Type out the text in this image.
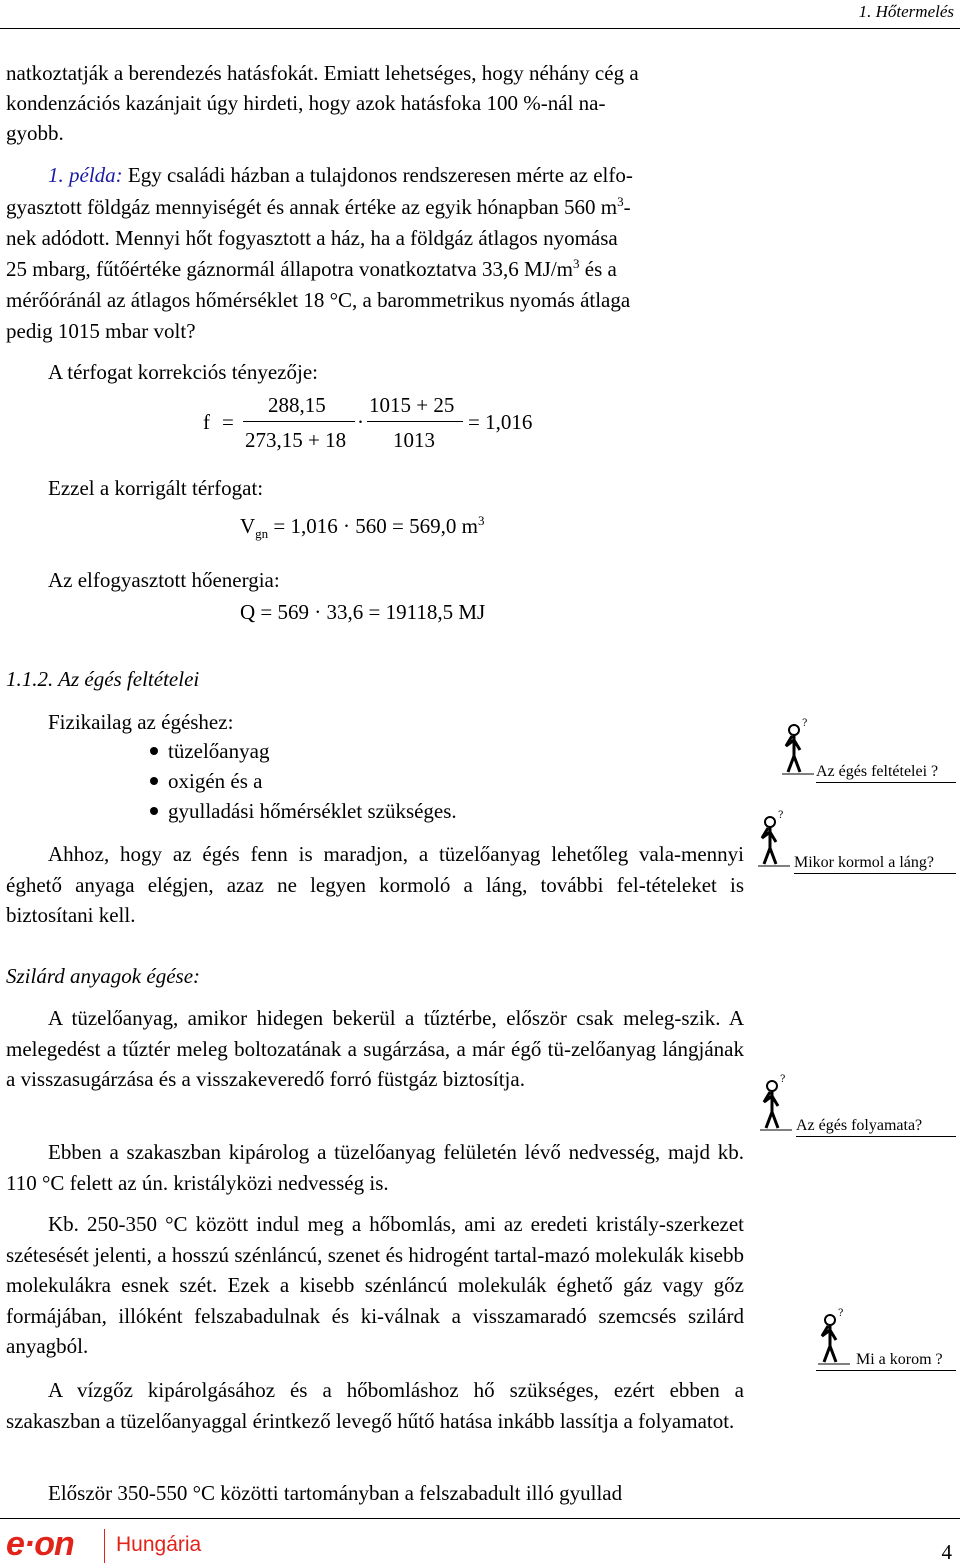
1. Hőtermelés
natkoztatják a berendezés hatásfokát. Emiatt lehetséges, hogy néhány cég a
kondenzációs kazánjait úgy hirdeti, hogy azok hatásfoka 100 %-nál na-
gyobb.
1. példa: Egy családi házban a tulajdonos rendszeresen mérte az elfo-
gyasztott földgáz mennyiségét és annak értéke az egyik hónapban 560 $m^3-$
nek adódott. Mennyi hőt fogyasztott a ház, ha a földgáz átlagos nyomása
25 mbarg, fűtőértéke gáznormál állapotra vonatkoztatva 33,6 $MJ/m^3$ és a
mérőóránál az átlagos hőmérséklet 18 °C, a barommetrikus nyomás átlaga
pedig 1015 mbar volt?
A térfogat korrekciós tényezője:
f =
288,15
273,15 + 18
·
1015 + 25
1013
= 1,016
Ezzel a korrigált térfogat:
$V_{gn} = 1,016 \cdot 560 = 569,0$ $m^3$
Az elfogyasztott hőenergia:
Q = 569 · 33,6 = 19118,5 MJ
1.1.2. Az égés feltételei
Fizikailag az égéshez:
tüzelőanyag
oxigén és a
gyulladási hőmérséklet szükséges.

Ahhoz, hogy az égés fenn is maradjon, a tüzelőanyag lehetőleg vala-mennyi éghető anyaga elégjen, azaz ne legyen kormoló a láng, további fel-tételeket is biztosítani kell.

Szilárd anyagok égése:

A tüzelőanyag, amikor hidegen bekerül a tűztérbe, először csak meleg-szik. A melegedést a tűztér meleg boltozatának a sugárzása, a már égő tü-zelőanyag lángjának a visszasugárzása és a visszakeveredő forró füstgáz biztosítja.

Ebben a szakaszban kipárolog a tüzelőanyag felületén lévő nedvesség, majd kb. 110 °C felett az ún. kristályközi nedvesség is.

Kb. 250-350 °C között indul meg a hőbomlás, ami az eredeti kristály-szerkezet szétesését jelenti, a hosszú szénláncú, szenet és hidrogént tartal-mazó molekulák kisebb molekulákra esnek szét. Ezek a kisebb szénláncú molekulák éghető gáz vagy gőz formájában, illóként felszabadulnak és ki-válnak a visszamaradó szemcsés szilárd anyagból.

A vízgőz kipárolgásához és a hőbomláshoz hő szükséges, ezért ebben a szakaszban a tüzelőanyaggal érintkező levegő hűtő hatása inkább lassítja a folyamatot.

Először 350-550 °C közötti tartományban a felszabadult illó gyullad

?
Az égés feltételei ?
?
Mikor kormol a láng?
?
Az égés folyamata?
?
Mi a korom ?
e·on Hungária	4
